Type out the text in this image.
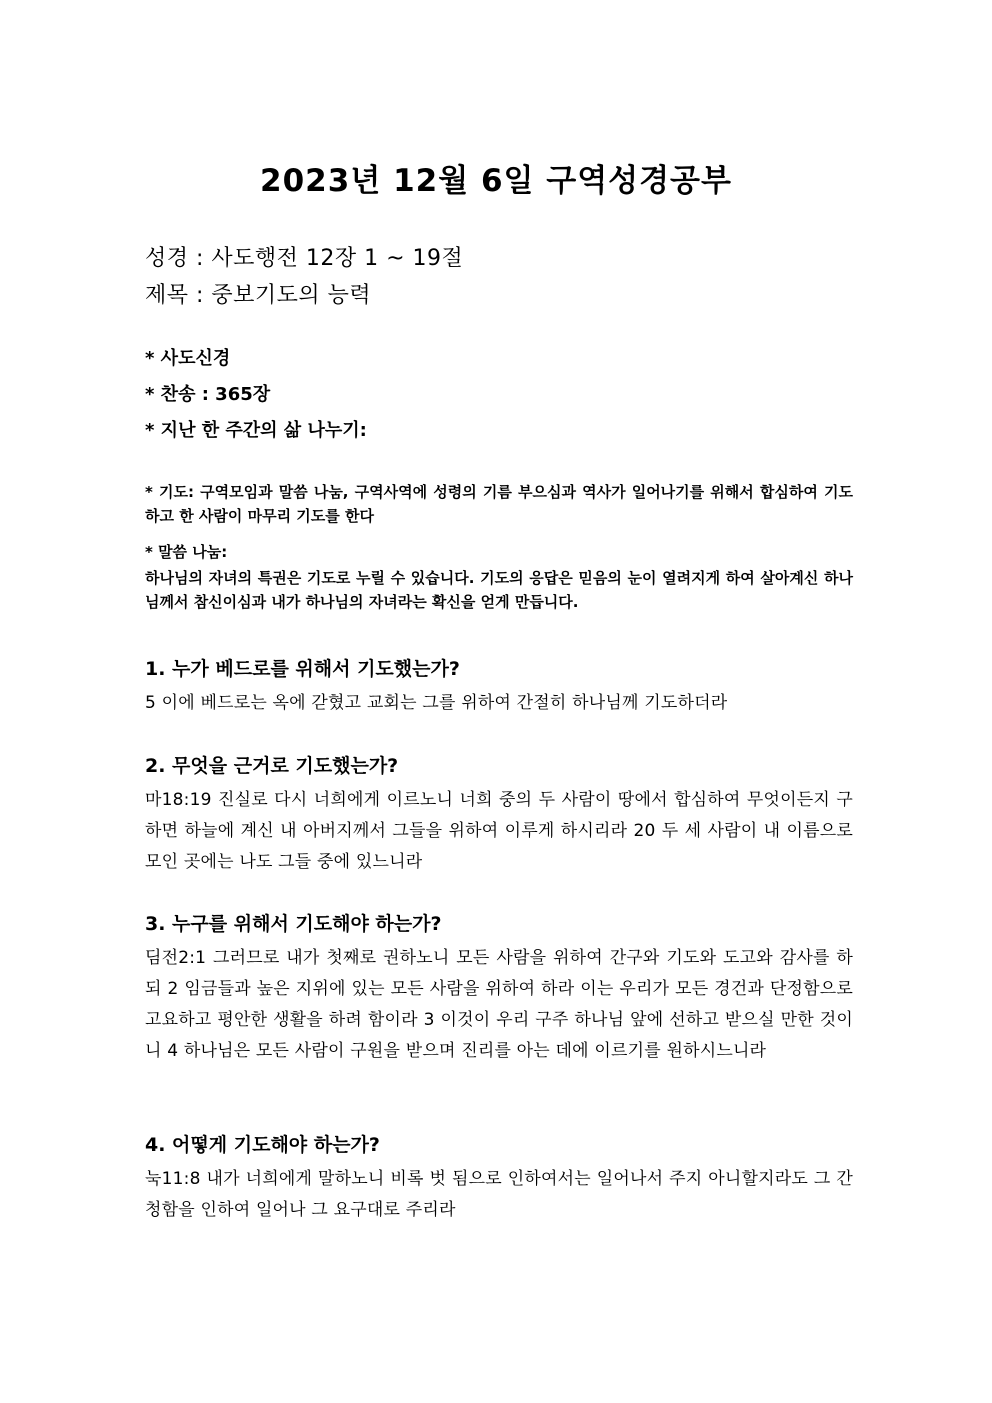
2023년 12월 6일 구역성경공부
성경 : 사도행전 12장 1 ~ 19절
제목 : 중보기도의 능력
* 사도신경
* 찬송 : 365장
* 지난 한 주간의 삶 나누기:
* 기도: 구역모임과 말씀 나눔, 구역사역에 성령의 기름 부으심과 역사가 일어나기를 위해서 합심하여 기도하고 한 사람이 마무리 기도를 한다
* 말씀 나눔:
하나님의 자녀의 특권은 기도로 누릴 수 있습니다. 기도의 응답은 믿음의 눈이 열려지게 하여 살아계신 하나님께서 참신이심과 내가 하나님의 자녀라는 확신을 얻게 만듭니다.
1. 누가 베드로를 위해서 기도했는가?
5 이에 베드로는 옥에 갇혔고 교회는 그를 위하여 간절히 하나님께 기도하더라
2. 무엇을 근거로 기도했는가?
마18:19 진실로 다시 너희에게 이르노니 너희 중의 두 사람이 땅에서 합심하여 무엇이든지 구하면 하늘에 계신 내 아버지께서 그들을 위하여 이루게 하시리라 20 두 세 사람이 내 이름으로 모인 곳에는 나도 그들 중에 있느니라
3. 누구를 위해서 기도해야 하는가?
딤전2:1 그러므로 내가 첫째로 권하노니 모든 사람을 위하여 간구와 기도와 도고와 감사를 하되 2 임금들과 높은 지위에 있는 모든 사람을 위하여 하라 이는 우리가 모든 경건과 단정함으로 고요하고 평안한 생활을 하려 함이라 3 이것이 우리 구주 하나님 앞에 선하고 받으실 만한 것이니 4 하나님은 모든 사람이 구원을 받으며 진리를 아는 데에 이르기를 원하시느니라
4. 어떻게 기도해야 하는가?
눅11:8 내가 너희에게 말하노니 비록 벗 됨으로 인하여서는 일어나서 주지 아니할지라도 그 간청함을 인하여 일어나 그 요구대로 주리라
